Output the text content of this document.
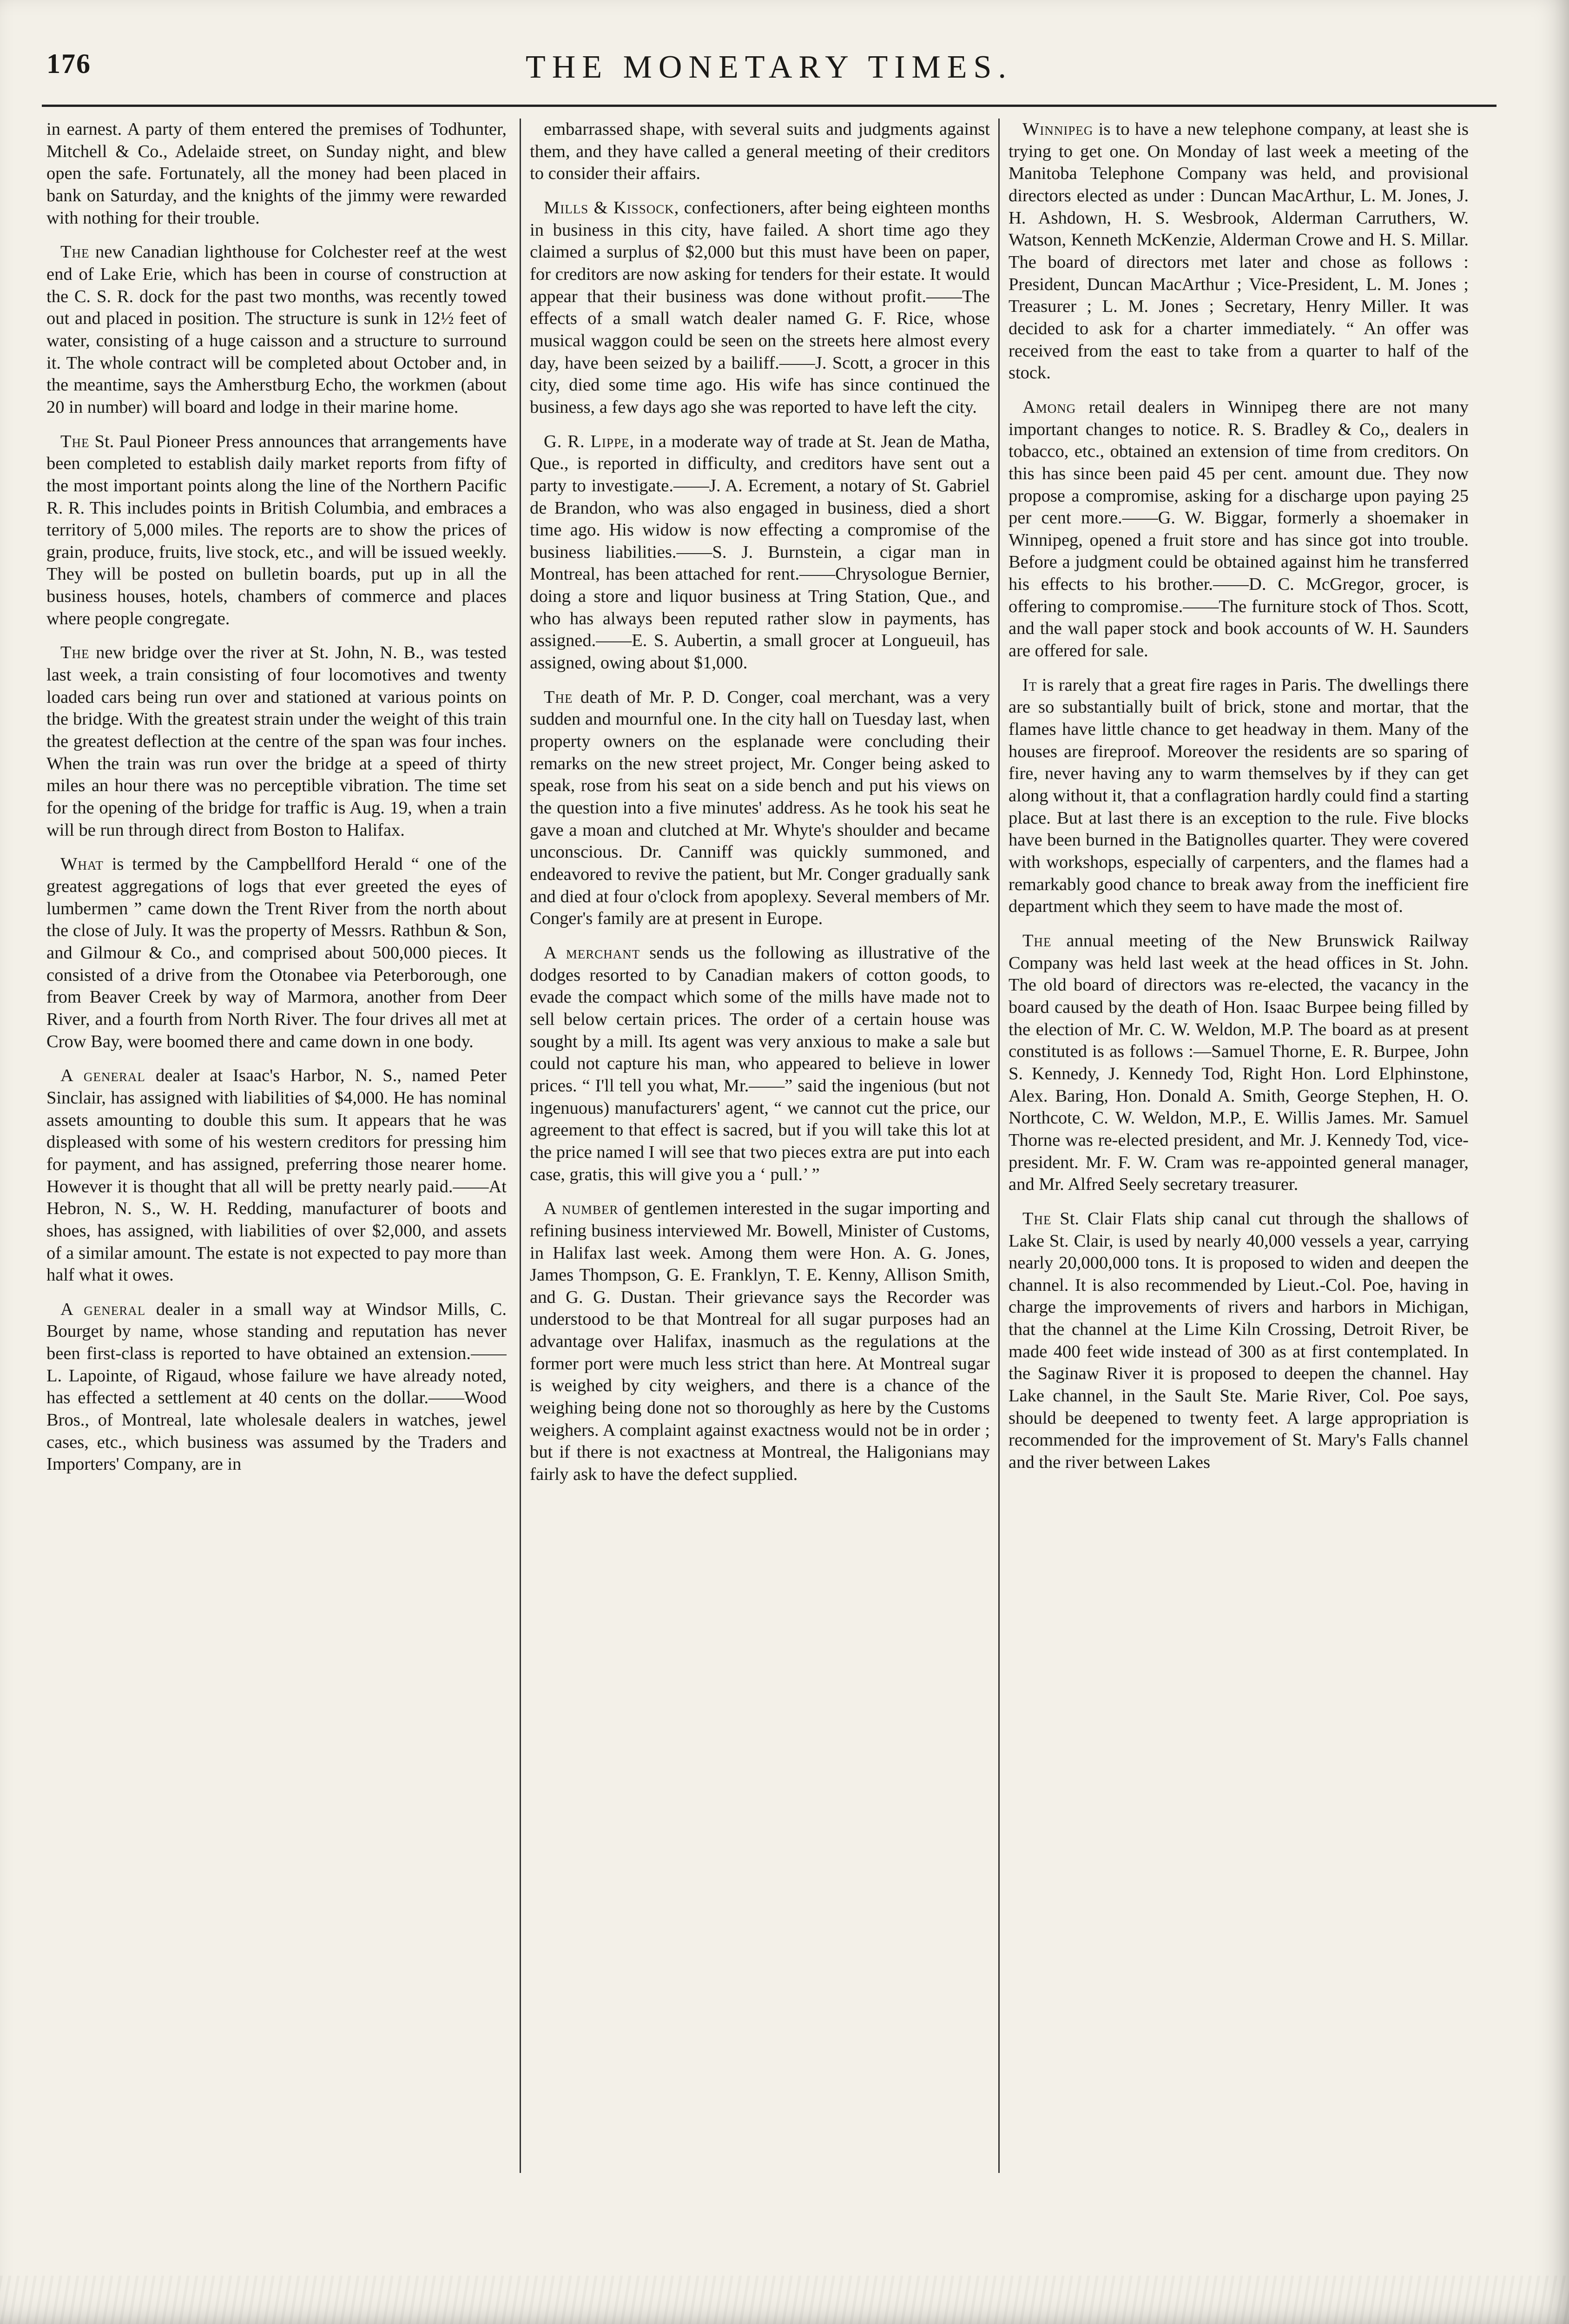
176	THE MONETARY TIMES.

in earnest. A party of them entered the premises of Todhunter, Mitchell & Co., Adelaide street, on Sunday night, and blew open the safe. Fortunately, all the money had been placed in bank on Saturday, and the knights of the jimmy were rewarded with nothing for their trouble.

The new Canadian lighthouse for Colchester reef at the west end of Lake Erie, which has been in course of construction at the C. S. R. dock for the past two months, was recently towed out and placed in position. The structure is sunk in 12½ feet of water, consisting of a huge caisson and a structure to surround it. The whole contract will be completed about October and, in the meantime, says the Amherstburg Echo, the workmen (about 20 in number) will board and lodge in their marine home.

The St. Paul Pioneer Press announces that arrangements have been completed to establish daily market reports from fifty of the most important points along the line of the Northern Pacific R. R. This includes points in British Columbia, and embraces a territory of 5,000 miles. The reports are to show the prices of grain, produce, fruits, live stock, etc., and will be issued weekly. They will be posted on bulletin boards, put up in all the business houses, hotels, chambers of commerce and places where people congregate.

The new bridge over the river at St. John, N. B., was tested last week, a train consisting of four locomotives and twenty loaded cars being run over and stationed at various points on the bridge. With the greatest strain under the weight of this train the greatest deflection at the centre of the span was four inches. When the train was run over the bridge at a speed of thirty miles an hour there was no perceptible vibration. The time set for the opening of the bridge for traffic is Aug. 19, when a train will be run through direct from Boston to Halifax.

What is termed by the Campbellford Herald “ one of the greatest aggregations of logs that ever greeted the eyes of lumbermen ” came down the Trent River from the north about the close of July. It was the property of Messrs. Rathbun & Son, and Gilmour & Co., and comprised about 500,000 pieces. It consisted of a drive from the Otonabee via Peterborough, one from Beaver Creek by way of Marmora, another from Deer River, and a fourth from North River. The four drives all met at Crow Bay, were boomed there and came down in one body.

A general dealer at Isaac's Harbor, N. S., named Peter Sinclair, has assigned with liabilities of $4,000. He has nominal assets amounting to double this sum. It appears that he was displeased with some of his western creditors for pressing him for payment, and has assigned, preferring those nearer home. However it is thought that all will be pretty nearly paid.——At Hebron, N. S., W. H. Redding, manufacturer of boots and shoes, has assigned, with liabilities of over $2,000, and assets of a similar amount. The estate is not expected to pay more than half what it owes.

A general dealer in a small way at Windsor Mills, C. Bourget by name, whose standing and reputation has never been first-class is reported to have obtained an extension.——L. Lapointe, of Rigaud, whose failure we have already noted, has effected a settlement at 40 cents on the dollar.——Wood Bros., of Montreal, late wholesale dealers in watches, jewel cases, etc., which business was assumed by the Traders and Importers' Company, are in

embarrassed shape, with several suits and judgments against them, and they have called a general meeting of their creditors to consider their affairs.

Mills & Kissock, confectioners, after being eighteen months in business in this city, have failed. A short time ago they claimed a surplus of $2,000 but this must have been on paper, for creditors are now asking for tenders for their estate. It would appear that their business was done without profit.——The effects of a small watch dealer named G. F. Rice, whose musical waggon could be seen on the streets here almost every day, have been seized by a bailiff.——J. Scott, a grocer in this city, died some time ago. His wife has since continued the business, a few days ago she was reported to have left the city.

G. R. Lippe, in a moderate way of trade at St. Jean de Matha, Que., is reported in difficulty, and creditors have sent out a party to investigate.——J. A. Ecrement, a notary of St. Gabriel de Brandon, who was also engaged in business, died a short time ago. His widow is now effecting a compromise of the business liabilities.——S. J. Burnstein, a cigar man in Montreal, has been attached for rent.——Chrysologue Bernier, doing a store and liquor business at Tring Station, Que., and who has always been reputed rather slow in payments, has assigned.——E. S. Aubertin, a small grocer at Longueuil, has assigned, owing about $1,000.

The death of Mr. P. D. Conger, coal merchant, was a very sudden and mournful one. In the city hall on Tuesday last, when property owners on the esplanade were concluding their remarks on the new street project, Mr. Conger being asked to speak, rose from his seat on a side bench and put his views on the question into a five minutes' address. As he took his seat he gave a moan and clutched at Mr. Whyte's shoulder and became unconscious. Dr. Canniff was quickly summoned, and endeavored to revive the patient, but Mr. Conger gradually sank and died at four o'clock from apoplexy. Several members of Mr. Conger's family are at present in Europe.

A merchant sends us the following as illustrative of the dodges resorted to by Canadian makers of cotton goods, to evade the compact which some of the mills have made not to sell below certain prices. The order of a certain house was sought by a mill. Its agent was very anxious to make a sale but could not capture his man, who appeared to believe in lower prices. “ I'll tell you what, Mr.——” said the ingenious (but not ingenuous) manufacturers' agent, “ we cannot cut the price, our agreement to that effect is sacred, but if you will take this lot at the price named I will see that two pieces extra are put into each case, gratis, this will give you a ‘ pull.’ ”

A number of gentlemen interested in the sugar importing and refining business interviewed Mr. Bowell, Minister of Customs, in Halifax last week. Among them were Hon. A. G. Jones, James Thompson, G. E. Franklyn, T. E. Kenny, Allison Smith, and G. G. Dustan. Their grievance says the Recorder was understood to be that Montreal for all sugar purposes had an advantage over Halifax, inasmuch as the regulations at the former port were much less strict than here. At Montreal sugar is weighed by city weighers, and there is a chance of the weighing being done not so thoroughly as here by the Customs weighers. A complaint against exactness would not be in order ; but if there is not exactness at Montreal, the Haligonians may fairly ask to have the defect supplied.

Winnipeg is to have a new telephone company, at least she is trying to get one. On Monday of last week a meeting of the Manitoba Telephone Company was held, and provisional directors elected as under : Duncan MacArthur, L. M. Jones, J. H. Ashdown, H. S. Wesbrook, Alderman Carruthers, W. Watson, Kenneth McKenzie, Alderman Crowe and H. S. Millar. The board of directors met later and chose as follows : President, Duncan MacArthur ; Vice-President, L. M. Jones ; Treasurer ; L. M. Jones ; Secretary, Henry Miller. It was decided to ask for a charter immediately. “ An offer was received from the east to take from a quarter to half of the stock.

Among retail dealers in Winnipeg there are not many important changes to notice. R. S. Bradley & Co,, dealers in tobacco, etc., obtained an extension of time from creditors. On this has since been paid 45 per cent. amount due. They now propose a compromise, asking for a discharge upon paying 25 per cent more.——G. W. Biggar, formerly a shoemaker in Winnipeg, opened a fruit store and has since got into trouble. Before a judgment could be obtained against him he transferred his effects to his brother.——D. C. McGregor, grocer, is offering to compromise.——The furniture stock of Thos. Scott, and the wall paper stock and book accounts of W. H. Saunders are offered for sale.

It is rarely that a great fire rages in Paris. The dwellings there are so substantially built of brick, stone and mortar, that the flames have little chance to get headway in them. Many of the houses are fireproof. Moreover the residents are so sparing of fire, never having any to warm themselves by if they can get along without it, that a conflagration hardly could find a starting place. But at last there is an exception to the rule. Five blocks have been burned in the Batignolles quarter. They were covered with workshops, especially of carpenters, and the flames had a remarkably good chance to break away from the inefficient fire department which they seem to have made the most of.

The annual meeting of the New Brunswick Railway Company was held last week at the head offices in St. John. The old board of directors was re-elected, the vacancy in the board caused by the death of Hon. Isaac Burpee being filled by the election of Mr. C. W. Weldon, M.P. The board as at present constituted is as follows :—Samuel Thorne, E. R. Burpee, John S. Kennedy, J. Kennedy Tod, Right Hon. Lord Elphinstone, Alex. Baring, Hon. Donald A. Smith, George Stephen, H. O. Northcote, C. W. Weldon, M.P., E. Willis James. Mr. Samuel Thorne was re-elected president, and Mr. J. Kennedy Tod, vice-president. Mr. F. W. Cram was re-appointed general manager, and Mr. Alfred Seely secretary treasurer.

The St. Clair Flats ship canal cut through the shallows of Lake St. Clair, is used by nearly 40,000 vessels a year, carrying nearly 20,000,000 tons. It is proposed to widen and deepen the channel. It is also recommended by Lieut.-Col. Poe, having in charge the improvements of rivers and harbors in Michigan, that the channel at the Lime Kiln Crossing, Detroit River, be made 400 feet wide instead of 300 as at first contemplated. In the Saginaw River it is proposed to deepen the channel. Hay Lake channel, in the Sault Ste. Marie River, Col. Poe says, should be deepened to twenty feet. A large appropriation is recommended for the improvement of St. Mary's Falls channel and the river between Lakes
